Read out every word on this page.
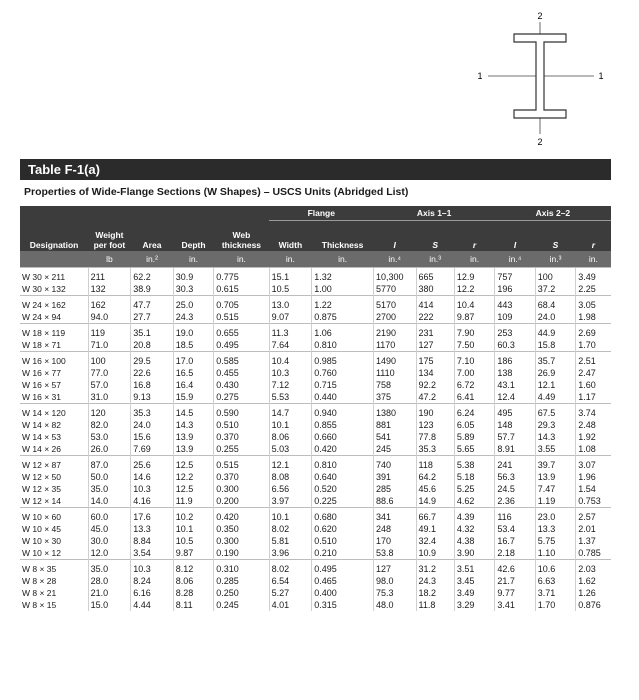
2
2
1	1
Table F-1(a)
Properties of Wide-Flange Sections (W Shapes) – USCS Units (Abridged List)
					Flange		Axis 1–1			Axis 2–2		
Designation	Weight per foot	Area	Depth	Web thickness	Width	Thickness	I	S	r	I	S	r
	lb	in.²	in.	in.	in.	in.	in.⁴	in.³	in.	in.⁴	in.³	in.
W 30 × 211	211	62.2	30.9	0.775	15.1	1.32	10,300	665	12.9	757	100	3.49
W 30 × 132	132	38.9	30.3	0.615	10.5	1.00	5770	380	12.2	196	37.2	2.25
W 24 × 162	162	47.7	25.0	0.705	13.0	1.22	5170	414	10.4	443	68.4	3.05
W 24 × 94	94.0	27.7	24.3	0.515	9.07	0.875	2700	222	9.87	109	24.0	1.98
W 18 × 119	119	35.1	19.0	0.655	11.3	1.06	2190	231	7.90	253	44.9	2.69
W 18 × 71	71.0	20.8	18.5	0.495	7.64	0.810	1170	127	7.50	60.3	15.8	1.70
W 16 × 100	100	29.5	17.0	0.585	10.4	0.985	1490	175	7.10	186	35.7	2.51
W 16 × 77	77.0	22.6	16.5	0.455	10.3	0.760	1110	134	7.00	138	26.9	2.47
W 16 × 57	57.0	16.8	16.4	0.430	7.12	0.715	758	92.2	6.72	43.1	12.1	1.60
W 16 × 31	31.0	9.13	15.9	0.275	5.53	0.440	375	47.2	6.41	12.4	4.49	1.17
W 14 × 120	120	35.3	14.5	0.590	14.7	0.940	1380	190	6.24	495	67.5	3.74
W 14 × 82	82.0	24.0	14.3	0.510	10.1	0.855	881	123	6.05	148	29.3	2.48
W 14 × 53	53.0	15.6	13.9	0.370	8.06	0.660	541	77.8	5.89	57.7	14.3	1.92
W 14 × 26	26.0	7.69	13.9	0.255	5.03	0.420	245	35.3	5.65	8.91	3.55	1.08
W 12 × 87	87.0	25.6	12.5	0.515	12.1	0.810	740	118	5.38	241	39.7	3.07
W 12 × 50	50.0	14.6	12.2	0.370	8.08	0.640	391	64.2	5.18	56.3	13.9	1.96
W 12 × 35	35.0	10.3	12.5	0.300	6.56	0.520	285	45.6	5.25	24.5	7.47	1.54
W 12 × 14	14.0	4.16	11.9	0.200	3.97	0.225	88.6	14.9	4.62	2.36	1.19	0.753
W 10 × 60	60.0	17.6	10.2	0.420	10.1	0.680	341	66.7	4.39	116	23.0	2.57
W 10 × 45	45.0	13.3	10.1	0.350	8.02	0.620	248	49.1	4.32	53.4	13.3	2.01
W 10 × 30	30.0	8.84	10.5	0.300	5.81	0.510	170	32.4	4.38	16.7	5.75	1.37
W 10 × 12	12.0	3.54	9.87	0.190	3.96	0.210	53.8	10.9	3.90	2.18	1.10	0.785
W 8 × 35	35.0	10.3	8.12	0.310	8.02	0.495	127	31.2	3.51	42.6	10.6	2.03
W 8 × 28	28.0	8.24	8.06	0.285	6.54	0.465	98.0	24.3	3.45	21.7	6.63	1.62
W 8 × 21	21.0	6.16	8.28	0.250	5.27	0.400	75.3	18.2	3.49	9.77	3.71	1.26
W 8 × 15	15.0	4.44	8.11	0.245	4.01	0.315	48.0	11.8	3.29	3.41	1.70	0.876
